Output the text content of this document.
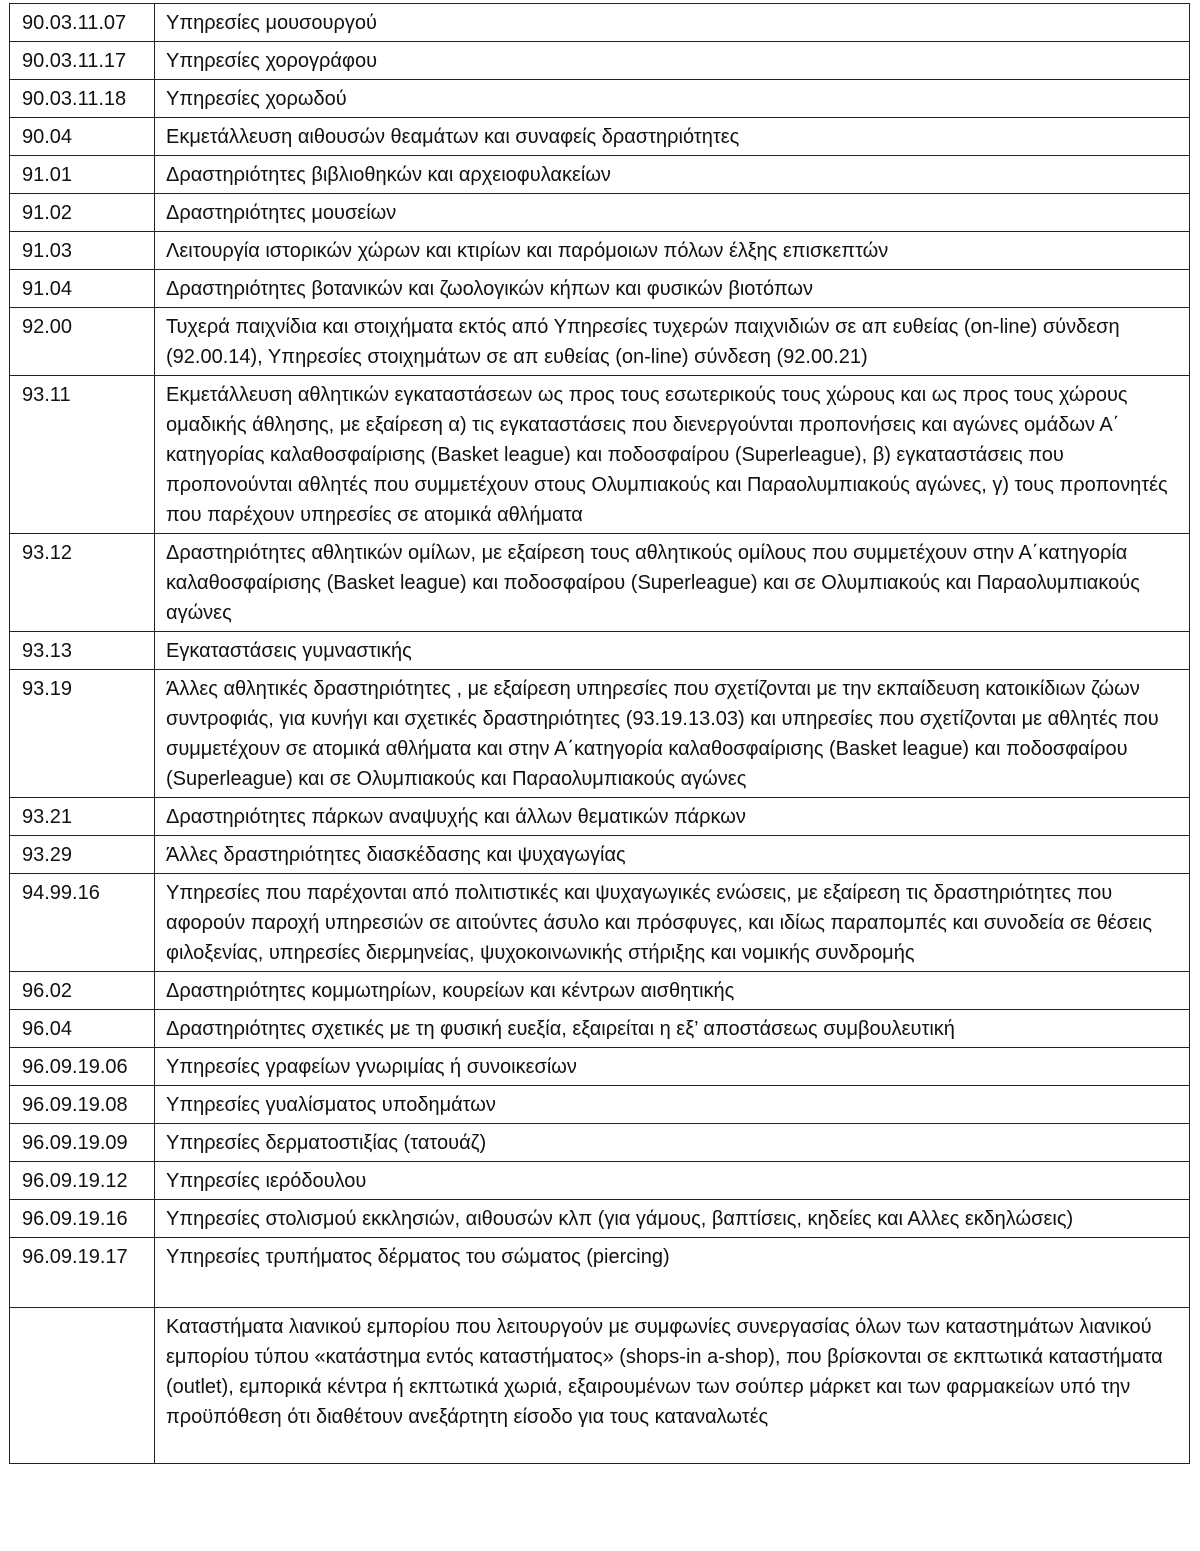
90.03.11.07	Υπηρεσίες μουσουργού
90.03.11.17	Υπηρεσίες χορογράφου
90.03.11.18	Υπηρεσίες χορωδού
90.04	Εκμετάλλευση αιθουσών θεαμάτων και συναφείς δραστηριότητες
91.01	Δραστηριότητες βιβλιοθηκών και αρχειοφυλακείων
91.02	Δραστηριότητες μουσείων
91.03	Λειτουργία ιστορικών χώρων και κτιρίων και παρόμοιων πόλων έλξης επισκεπτών
91.04	Δραστηριότητες βοτανικών και ζωολογικών κήπων και φυσικών βιοτόπων
92.00	Τυχερά παιχνίδια και στοιχήματα εκτός από Υπηρεσίες τυχερών παιχνιδιών σε απ ευθείας (on-line) σύνδεση (92.00.14), Υπηρεσίες στοιχημάτων σε απ ευθείας (on-line) σύνδεση (92.00.21)
93.11	Εκμετάλλευση αθλητικών εγκαταστάσεων ως προς τους εσωτερικούς τους χώρους και ως προς τους χώρους ομαδικής άθλησης, με εξαίρεση α) τις εγκαταστάσεις που διενεργούνται προπονήσεις και αγώνες ομάδων Α΄ κατηγορίας καλαθοσφαίρισης (Basket league) και ποδοσφαίρου (Superleague), β) εγκαταστάσεις που προπονούνται αθλητές που συμμετέχουν στους Ολυμπιακούς και Παραολυμπιακούς αγώνες, γ) τους προπονητές που παρέχουν υπηρεσίες σε ατομικά αθλήματα
93.12	Δραστηριότητες αθλητικών ομίλων, με εξαίρεση τους αθλητικούς ομίλους που συμμετέχουν στην Α΄κατηγορία καλαθοσφαίρισης (Basket league) και ποδοσφαίρου (Superleague) και σε Ολυμπιακούς και Παραολυμπιακούς αγώνες
93.13	Εγκαταστάσεις γυμναστικής
93.19	Άλλες αθλητικές δραστηριότητες , με εξαίρεση υπηρεσίες που σχετίζονται με την εκπαίδευση κατοικίδιων ζώων συντροφιάς, για κυνήγι και σχετικές δραστηριότητες (93.19.13.03) και υπηρεσίες που σχετίζονται με αθλητές που συμμετέχουν σε ατομικά αθλήματα και στην Α΄κατηγορία καλαθοσφαίρισης (Basket league) και ποδοσφαίρου (Superleague) και σε Ολυμπιακούς και Παραολυμπιακούς αγώνες
93.21	Δραστηριότητες πάρκων αναψυχής και άλλων θεματικών πάρκων
93.29	Άλλες δραστηριότητες διασκέδασης και ψυχαγωγίας
94.99.16	Υπηρεσίες που παρέχονται από πολιτιστικές και ψυχαγωγικές ενώσεις, με εξαίρεση τις δραστηριότητες που αφορούν παροχή υπηρεσιών σε αιτούντες άσυλο και πρόσφυγες, και ιδίως παραπομπές και συνοδεία σε θέσεις φιλοξενίας, υπηρεσίες διερμηνείας, ψυχοκοινωνικής στήριξης και νομικής συνδρομής
96.02	Δραστηριότητες κομμωτηρίων, κουρείων και κέντρων αισθητικής
96.04	Δραστηριότητες σχετικές με τη φυσική ευεξία, εξαιρείται η εξ’ αποστάσεως συμβουλευτική
96.09.19.06	Υπηρεσίες γραφείων γνωριμίας ή συνοικεσίων
96.09.19.08	Υπηρεσίες γυαλίσματος υποδημάτων
96.09.19.09	Υπηρεσίες δερματοστιξίας (τατουάζ)
96.09.19.12	Υπηρεσίες ιερόδουλου
96.09.19.16	Υπηρεσίες στολισμού εκκλησιών, αιθουσών κλπ (για γάμους, βαπτίσεις, κηδείες και Αλλες εκδηλώσεις)
96.09.19.17	Υπηρεσίες τρυπήματος δέρματος του σώματος (piercing)
	Καταστήματα λιανικού εμπορίου που λειτουργούν με συμφωνίες συνεργασίας όλων των καταστημάτων λιανικού εμπορίου τύπου «κατάστημα εντός καταστήματος» (shops-in a-shop), που βρίσκονται σε εκπτωτικά καταστήματα (outlet), εμπορικά κέντρα ή εκπτωτικά χωριά, εξαιρουμένων των σούπερ μάρκετ και των φαρμακείων υπό την προϋπόθεση ότι διαθέτουν ανεξάρτητη είσοδο για τους καταναλωτές
